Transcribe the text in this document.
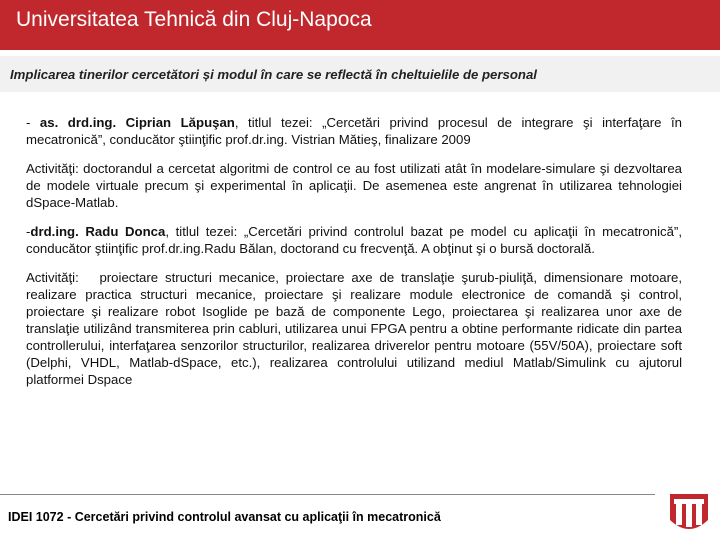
Universitatea Tehnică din Cluj-Napoca
Implicarea tinerilor cercetători și modul în care se reflectă în cheltuielile de personal

- as. drd.ing. Ciprian Lăpuşan, titlul tezei: „Cercetări privind procesul de integrare şi interfaţare în mecatronică”, conducător ştiinţific prof.dr.ing. Vistrian Mătieş, finalizare 2009

Activităţi: doctorandul a cercetat algoritmi de control ce au fost utilizati atât în modelare-simulare şi dezvoltarea de modele virtuale precum şi experimental în aplicaţii. De asemenea este angrenat în utilizarea tehnologiei dSpace-Matlab.

-drd.ing. Radu Donca, titlul tezei: „Cercetări privind controlul bazat pe model cu aplicaţii în mecatronică”, conducător ştiinţific prof.dr.ing.Radu Bălan, doctorand cu frecvenţă. A obţinut şi o bursă doctorală.

Activităţi:   proiectare structuri mecanice, proiectare axe de translaţie şurub-piuliţă, dimensionare motoare, realizare practica structuri mecanice, proiectare şi realizare module electronice de comandă şi control, proiectare şi realizare robot Isoglide pe bază de componente Lego, proiectarea şi realizarea unor axe de translaţie utilizând transmiterea prin cabluri, utilizarea unui FPGA pentru a obtine performante ridicate din partea controllerului, interfaţarea senzorilor structurilor, realizarea driverelor pentru motoare (55V/50A), proiectare soft (Delphi, VHDL, Matlab-dSpace, etc.), realizarea controlului utilizand mediul Matlab/Simulink cu ajutorul platformei Dspace

IDEI 1072 - Cercetări privind controlul avansat cu aplicaţii în mecatronică
